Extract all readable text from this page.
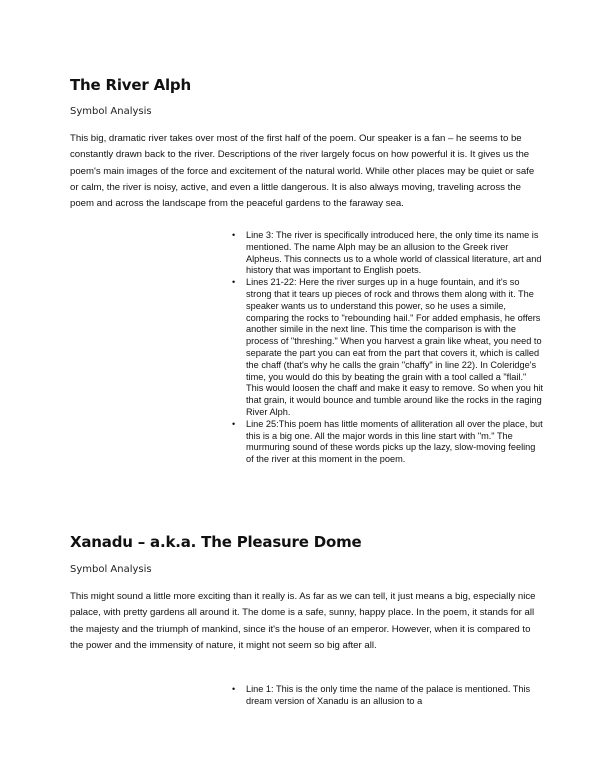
The River Alph

Symbol Analysis

This big, dramatic river takes over most of the first half of the poem. Our speaker is a fan – he seems to be constantly drawn back to the river. Descriptions of the river largely focus on how powerful it is. It gives us the poem's main images of the force and excitement of the natural world. While other places may be quiet or safe or calm, the river is noisy, active, and even a little dangerous. It is also always moving, traveling across the poem and across the landscape from the peaceful gardens to the faraway sea.

• Line 3: The river is specifically introduced here, the only time its name is mentioned. The name Alph may be an allusion to the Greek river Alpheus. This connects us to a whole world of classical literature, art and history that was important to English poets.
• Lines 21-22: Here the river surges up in a huge fountain, and it's so strong that it tears up pieces of rock and throws them along with it. The speaker wants us to understand this power, so he uses a simile, comparing the rocks to "rebounding hail." For added emphasis, he offers another simile in the next line. This time the comparison is with the process of "threshing." When you harvest a grain like wheat, you need to separate the part you can eat from the part that covers it, which is called the chaff (that's why he calls the grain "chaffy" in line 22). In Coleridge's time, you would do this by beating the grain with a tool called a "flail." This would loosen the chaff and make it easy to remove. So when you hit that grain, it would bounce and tumble around like the rocks in the raging River Alph.
• Line 25:This poem has little moments of alliteration all over the place, but this is a big one. All the major words in this line start with "m." The murmuring sound of these words picks up the lazy, slow-moving feeling of the river at this moment in the poem.
Xanadu – a.k.a. The Pleasure Dome

Symbol Analysis

This might sound a little more exciting than it really is. As far as we can tell, it just means a big, especially nice palace, with pretty gardens all around it. The dome is a safe, sunny, happy place. In the poem, it stands for all the majesty and the triumph of mankind, since it's the house of an emperor. However, when it is compared to the power and the immensity of nature, it might not seem so big after all.

• Line 1: This is the only time the name of the palace is mentioned. This dream version of Xanadu is an allusion to a
